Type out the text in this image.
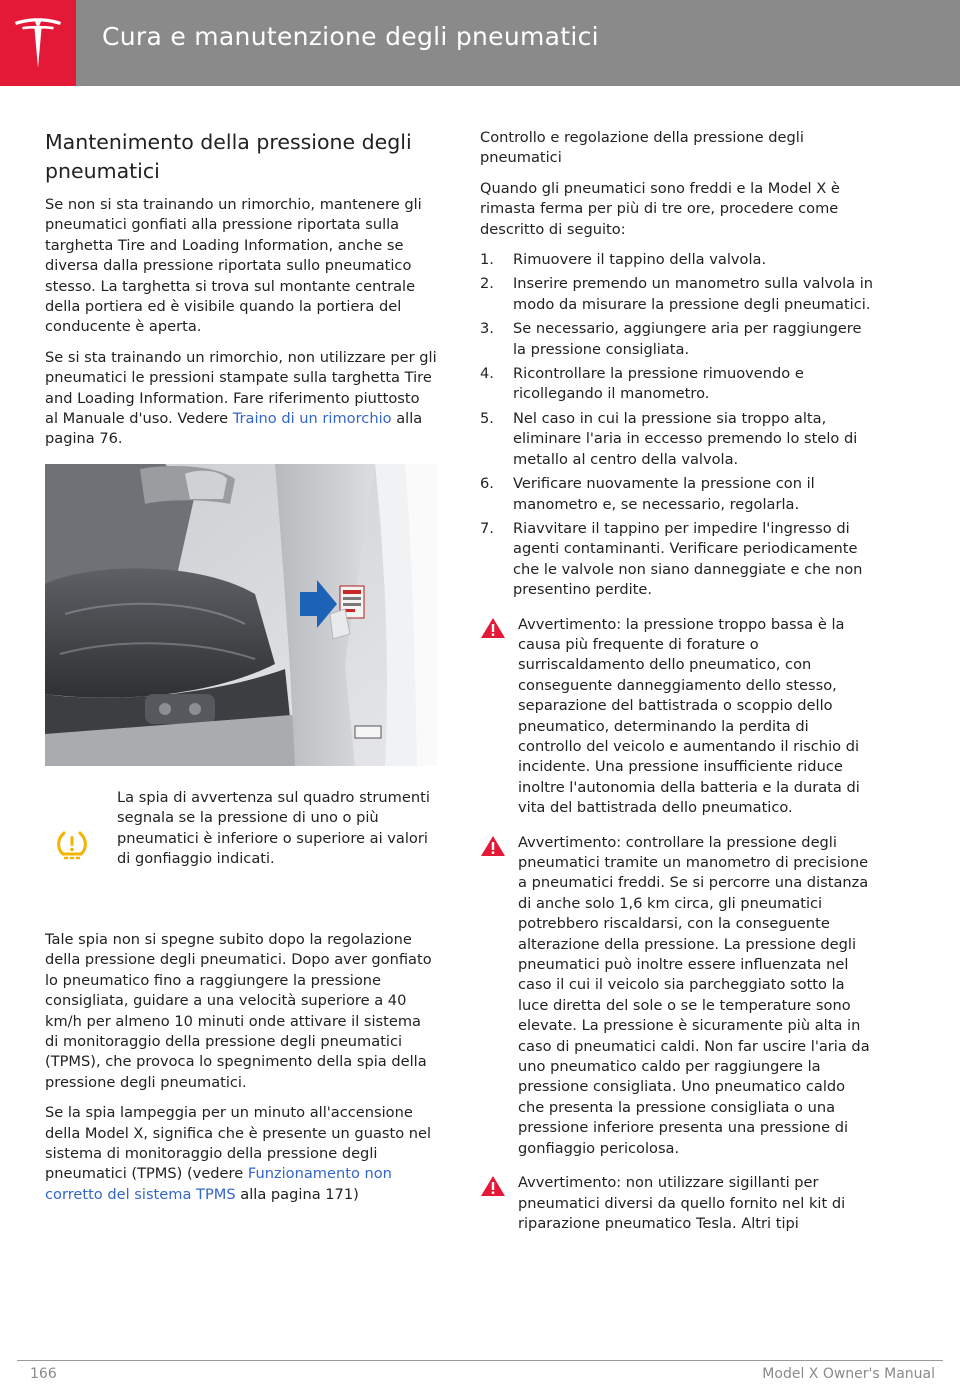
Cura e manutenzione degli pneumatici
Mantenimento della pressione degli pneumatici

Se non si sta trainando un rimorchio, mantenere gli pneumatici gonfiati alla pressione riportata sulla targhetta Tire and Loading Information, anche se diversa dalla pressione riportata sullo pneumatico stesso. La targhetta si trova sul montante centrale della portiera ed è visibile quando la portiera del conducente è aperta.

Se si sta trainando un rimorchio, non utilizzare per gli pneumatici le pressioni stampate sulla targhetta Tire and Loading Information. Fare riferimento piuttosto al Manuale d'uso. Vedere Traino di un rimorchio alla pagina 76.

La spia di avvertenza sul quadro strumenti segnala se la pressione di uno o più pneumatici è inferiore o superiore ai valori di gonfiaggio indicati.

Tale spia non si spegne subito dopo la regolazione della pressione degli pneumatici. Dopo aver gonfiato lo pneumatico fino a raggiungere la pressione consigliata, guidare a una velocità superiore a 40 km/h per almeno 10 minuti onde attivare il sistema di monitoraggio della pressione degli pneumatici (TPMS), che provoca lo spegnimento della spia della pressione degli pneumatici.

Se la spia lampeggia per un minuto all'accensione della Model X, significa che è presente un guasto nel sistema di monitoraggio della pressione degli pneumatici (TPMS) (vedere Funzionamento non corretto del sistema TPMS alla pagina 171)

Controllo e regolazione della pressione degli pneumatici

Quando gli pneumatici sono freddi e la Model X è rimasta ferma per più di tre ore, procedere come descritto di seguito:

1. Rimuovere il tappino della valvola.
2. Inserire premendo un manometro sulla valvola in modo da misurare la pressione degli pneumatici.
3. Se necessario, aggiungere aria per raggiungere la pressione consigliata.
4. Ricontrollare la pressione rimuovendo e ricollegando il manometro.
5. Nel caso in cui la pressione sia troppo alta, eliminare l'aria in eccesso premendo lo stelo di metallo al centro della valvola.
6. Verificare nuovamente la pressione con il manometro e, se necessario, regolarla.
7. Riavvitare il tappino per impedire l'ingresso di agenti contaminanti. Verificare periodicamente che le valvole non siano danneggiate e che non presentino perdite.
Avvertimento: la pressione troppo bassa è la causa più frequente di forature o surriscaldamento dello pneumatico, con conseguente danneggiamento dello stesso, separazione del battistrada o scoppio dello pneumatico, determinando la perdita di controllo del veicolo e aumentando il rischio di incidente. Una pressione insufficiente riduce inoltre l'autonomia della batteria e la durata di vita del battistrada dello pneumatico.
Avvertimento: controllare la pressione degli pneumatici tramite un manometro di precisione a pneumatici freddi. Se si percorre una distanza di anche solo 1,6 km circa, gli pneumatici potrebbero riscaldarsi, con la conseguente alterazione della pressione. La pressione degli pneumatici può inoltre essere influenzata nel caso il cui il veicolo sia parcheggiato sotto la luce diretta del sole o se le temperature sono elevate. La pressione è sicuramente più alta in caso di pneumatici caldi. Non far uscire l'aria da uno pneumatico caldo per raggiungere la pressione consigliata. Uno pneumatico caldo che presenta la pressione consigliata o una pressione inferiore presenta una pressione di gonfiaggio pericolosa.
Avvertimento: non utilizzare sigillanti per pneumatici diversi da quello fornito nel kit di riparazione pneumatico Tesla. Altri tipi
166	Model X Owner's Manual
